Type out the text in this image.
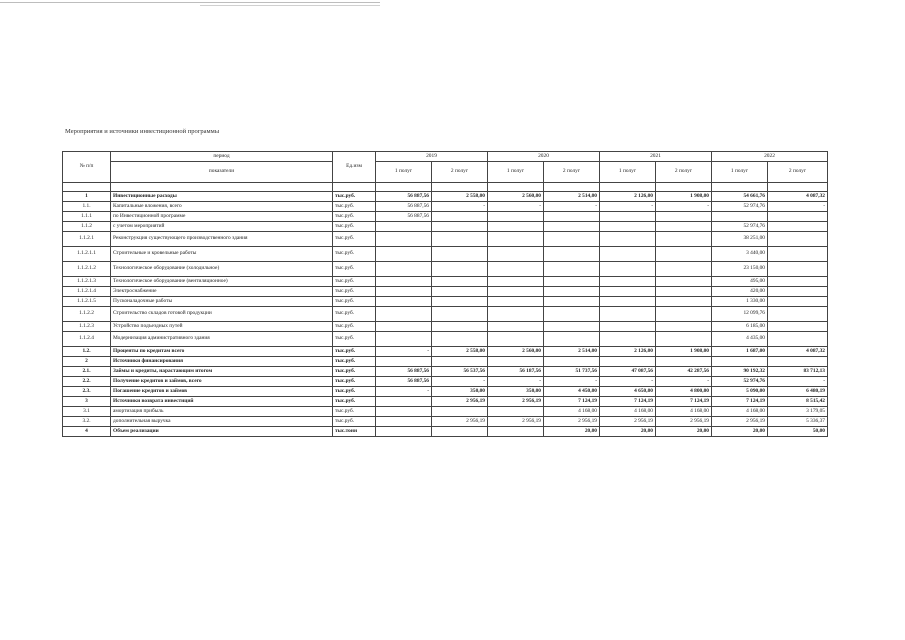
Мероприятия и источники инвестиционной программы
№ п/п	период	Ед.изм	2019		2020		2021		2022	
	показатели		1 полуг	2 полуг	1 полуг	2 полуг	1 полуг	2 полуг	1 полуг	2 полуг

1	Инвестиционные расходы	тыс.руб.	56 887,56	2 558,00	2 560,00	2 514,00	2 126,00	1 908,00	54 661,76	4 087,32
1.1.	Капитальные вложения, всего	тыс.руб.	56 887,56	-	-	-	-	-	52 974,76	-
1.1.1	по Инвестиционной программе	тыс.руб.	56 887,56							
1.1.2	с учетом мероприятий	тыс.руб.							52 974,76	
1.1.2.1	Реконструкция существующего производственного здания	тыс.руб.							38 251,00	
1.1.2.1.1	Строительные и кровельные работы	тыс.руб.							3 440,00	
1.1.2.1.2	Технологическое оборудование (холодильное)	тыс.руб.							23 150,00	
1.1.2.1.3	Технологическое оборудование (вентиляционное)	тыс.руб.							495,00	
1.1.2.1.4	Электроснабжение	тыс.руб.							420,00	
1.1.2.1.5	Пусконаладочные работы	тыс.руб.							1 330,00	
1.1.2.2	Строительство складов готовой продукции	тыс.руб.							12 099,76	
1.1.2.3	Устройство подъездных путей	тыс.руб.							6 185,00	
1.1.2.4	Модернизация административного здания	тыс.руб.							4 435,00	
1.2.	Проценты по кредитам всего	тыс.руб.	-	2 558,00	2 560,00	2 514,00	2 126,00	1 908,00	1 687,00	4 087,32
2	Источники финансирования	тыс.руб.								
2.1.	Займы и кредиты, нарастающим итогом	тыс.руб.	56 887,56	56 537,56	56 187,56	51 737,56	47 087,56	42 287,56	90 192,32	83 712,13
2.2.	Получение кредитов и займов, всего	тыс.руб.	56 887,56	-	-	-	-	-	52 974,76	-
2.3.	Погашение кредитов и займов	тыс.руб.	-	350,00	350,00	4 450,00	4 650,00	4 800,00	5 090,00	6 480,19
3	Источники возврата инвестиций	тыс.руб.		2 956,19	2 956,19	7 124,19	7 124,19	7 124,19	7 124,19	8 515,42
3.1	амортизация прибыль	тыс.руб.				4 168,00	4 168,00	4 168,00	4 168,00	3 179,05
3.2.	дополнительная выручка	тыс.руб.		2 956,19	2 956,19	2 956,19	2 956,19	2 956,19	2 956,19	5 336,37
4	Объем реализации	тыс.тонн				20,00	20,00	20,00	20,00	50,00
